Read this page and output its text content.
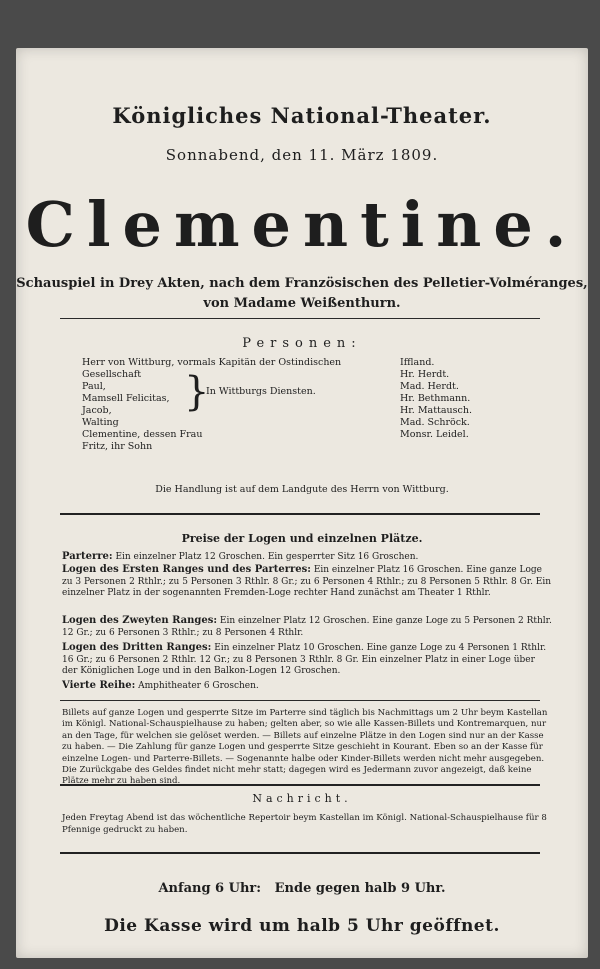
Königliches National-Theater.
Sonnabend, den 11. März 1809.
Clementine.
Schauspiel in Drey Akten, nach dem Französischen des Pelletier-Volméranges,
von Madame Weißenthurn.
Personen:
Herr von Wittburg, vormals Kapitän der Ostindischen Gesellschaft
Paul,
Mamsell Felicitas,
Jacob,
Walting
Clementine, dessen Frau
Fritz, ihr Sohn
}
In Wittburgs Diensten.
Iffland.
Hr. Herdt.
Mad. Herdt.
Hr. Bethmann.
Hr. Mattausch.
Mad. Schröck.
Monsr. Leidel.
Die Handlung ist auf dem Landgute des Herrn von Wittburg.
Preise der Logen und einzelnen Plätze.
Parterre: Ein einzelner Platz 12 Groschen. Ein gesperrter Sitz 16 Groschen.
Logen des Ersten Ranges und des Parterres: Ein einzelner Platz 16 Groschen. Eine ganze Loge zu 3 Personen 2 Rthlr.; zu 5 Personen 3 Rthlr. 8 Gr.; zu 6 Personen 4 Rthlr.; zu 8 Personen 5 Rthlr. 8 Gr. Ein einzelner Platz in der sogenannten Fremden-Loge rechter Hand zunächst am Theater 1 Rthlr.
Logen des Zweyten Ranges: Ein einzelner Platz 12 Groschen. Eine ganze Loge zu 5 Personen 2 Rthlr. 12 Gr.; zu 6 Personen 3 Rthlr.; zu 8 Personen 4 Rthlr.
Logen des Dritten Ranges: Ein einzelner Platz 10 Groschen. Eine ganze Loge zu 4 Personen 1 Rthlr. 16 Gr.; zu 6 Personen 2 Rthlr. 12 Gr.; zu 8 Personen 3 Rthlr. 8 Gr. Ein einzelner Platz in einer Loge über der Königlichen Loge und in den Balkon-Logen 12 Groschen.
Vierte Reihe: Amphitheater 6 Groschen.
Billets auf ganze Logen und gesperrte Sitze im Parterre sind täglich bis Nachmittags um 2 Uhr beym Kastellan im Königl. National-Schauspielhause zu haben; gelten aber, so wie alle Kassen-Billets und Kontremarquen, nur an den Tage, für welchen sie gelöset werden. — Billets auf einzelne Plätze in den Logen sind nur an der Kasse zu haben. — Die Zahlung für ganze Logen und gesperrte Sitze geschieht in Kourant. Eben so an der Kasse für einzelne Logen- und Parterre-Billets. — Sogenannte halbe oder Kinder-Billets werden nicht mehr ausgegeben. Die Zurückgabe des Geldes findet nicht mehr statt; dagegen wird es Jedermann zuvor angezeigt, daß keine Plätze mehr zu haben sind.
Nachricht.
Jeden Freytag Abend ist das wöchentliche Repertoir beym Kastellan im Königl. National-Schauspielhause für 8 Pfennige gedruckt zu haben.
Anfang 6 Uhr:   Ende gegen halb 9 Uhr.
Die Kasse wird um halb 5 Uhr geöffnet.
